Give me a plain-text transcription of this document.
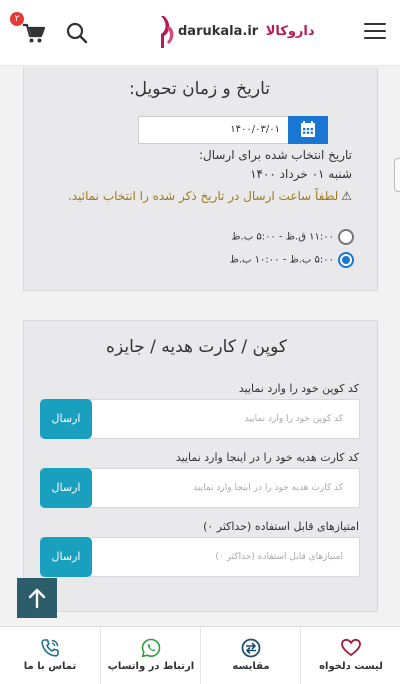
darukala.ir داروکالا
۲
تاریخ و زمان تحویل:
۱۴۰۰/۰۳/۰۱
تاریخ انتخاب شده برای ارسال:
شنبه ۰۱ خرداد ۱۴۰۰
⚠لطفاً ساعت ارسال در تاریخ ذکر شده را انتخاب نمائید.
۱۱:۰۰ ق.ظ - ۵:۰۰ ب.ظ
۵:۰۰ ب.ظ - ۱۰:۰۰ ب.ظ
کوپن / کارت هدیه / جایزه
کد کوپن خود را وارد نمایید
کد کوپن خود را وارد نمایید
ارسال
کد کارت هدیه خود را در اینجا وارد نمایید
کد کارت هدیه خود را در اینجا وارد نمایید
ارسال
امتیازهای قابل استفاده (حداکثر ۰)
امتیازهای قابل استفاده (حداکثر ۰)
ارسال
لیست دلخواه
مقایسه
ارتباط در واتساپ
تماس با ما
